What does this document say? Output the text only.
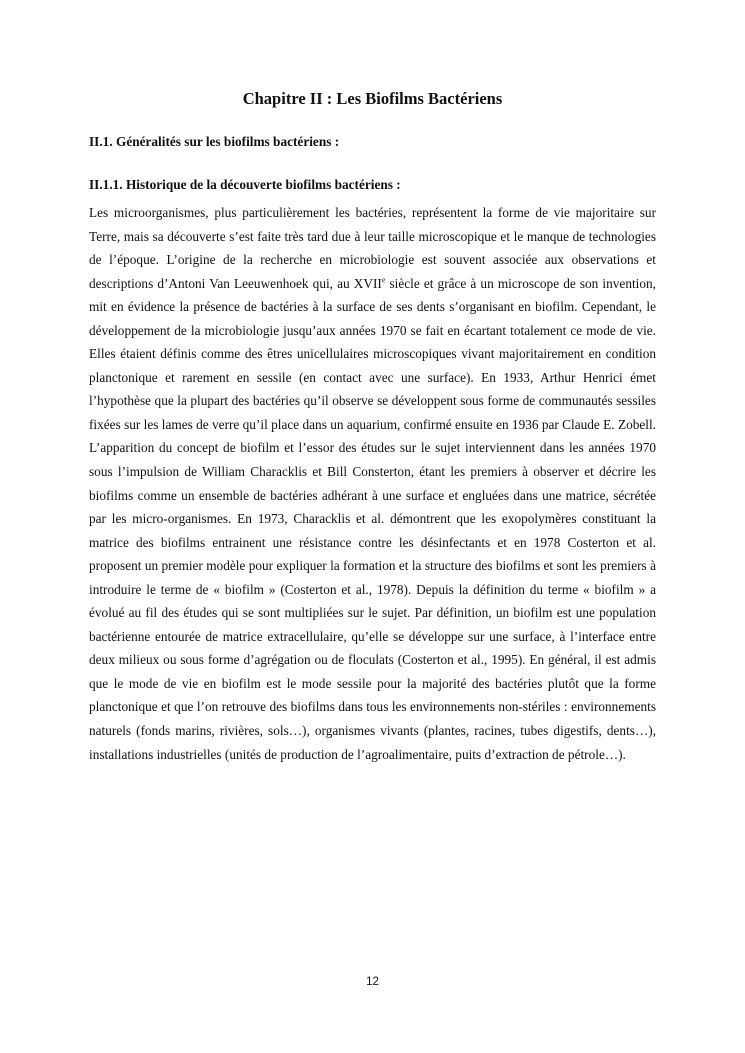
Chapitre II : Les Biofilms Bactériens
II.1. Généralités sur les biofilms bactériens :
II.1.1. Historique de la découverte biofilms bactériens :

Les microorganismes, plus particulièrement les bactéries, représentent la forme de vie majoritaire sur Terre, mais sa découverte s’est faite très tard due à leur taille microscopique et le manque de technologies de l’époque. L’origine de la recherche en microbiologie est souvent associée aux observations et descriptions d’Antoni Van Leeuwenhoek qui, au XVIIe siècle et grâce à un microscope de son invention, mit en évidence la présence de bactéries à la surface de ses dents s’organisant en biofilm. Cependant, le développement de la microbiologie jusqu’aux années 1970 se fait en écartant totalement ce mode de vie. Elles étaient définis comme des êtres unicellulaires microscopiques vivant majoritairement en condition planctonique et rarement en sessile (en contact avec une surface). En 1933, Arthur Henrici émet l’hypothèse que la plupart des bactéries qu’il observe se développent sous forme de communautés sessiles fixées sur les lames de verre qu’il place dans un aquarium, confirmé ensuite en 1936 par Claude E. Zobell. L’apparition du concept de biofilm et l’essor des études sur le sujet interviennent dans les années 1970 sous l’impulsion de William Characklis et Bill Consterton, étant les premiers à observer et décrire les biofilms comme un ensemble de bactéries adhérant à une surface et engluées dans une matrice, sécrétée par les micro-organismes. En 1973, Characklis et al. démontrent que les exopolymères constituant la matrice des biofilms entrainent une résistance contre les désinfectants et en 1978 Costerton et al. proposent un premier modèle pour expliquer la formation et la structure des biofilms et sont les premiers à introduire le terme de « biofilm » (Costerton et al., 1978). Depuis la définition du terme « biofilm » a évolué au fil des études qui se sont multipliées sur le sujet. Par définition, un biofilm est une population bactérienne entourée de matrice extracellulaire, qu’elle se développe sur une surface, à l’interface entre deux milieux ou sous forme d’agrégation ou de floculats (Costerton et al., 1995). En général, il est admis que le mode de vie en biofilm est le mode sessile pour la majorité des bactéries plutôt que la forme planctonique et que l’on retrouve des biofilms dans tous les environnements non-stériles : environnements naturels (fonds marins, rivières, sols…), organismes vivants (plantes, racines, tubes digestifs, dents…), installations industrielles (unités de production de l’agroalimentaire, puits d’extraction de pétrole…).

12
